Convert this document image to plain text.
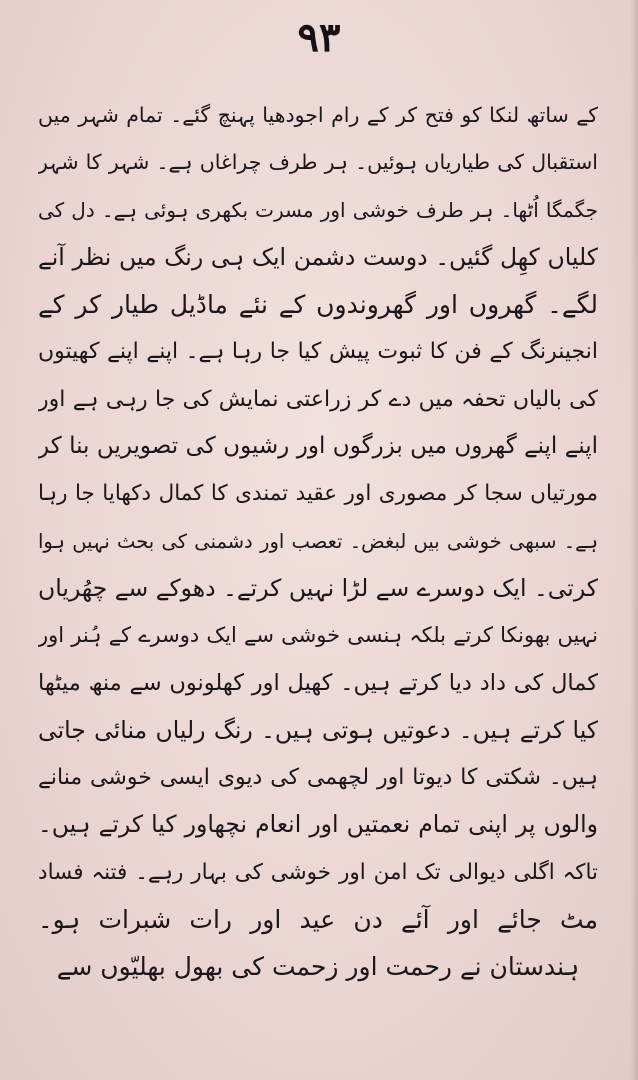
۹۳
کے ساتھ لنکا کو فتح کر کے رام اجودھیا پہنچ گئے۔ تمام شہر میں
استقبال کی طیاریاں ہوئیں۔ ہر طرف چراغاں ہے۔ شہر کا شہر
جگمگا اُٹھا۔ ہر طرف خوشی اور مسرت بکھری ہوئی ہے۔ دل کی
کلیاں کھِل گئیں۔ دوست دشمن ایک ہی رنگ میں نظر آنے
لگے۔ گھروں اور گھروندوں کے نئے ماڈیل طیار کر کے
انجینرنگ کے فن کا ثبوت پیش کیا جا رہا ہے۔ اپنے اپنے کھیتوں
کی بالیاں تحفہ میں دے کر زراعتی نمایش کی جا رہی ہے اور
اپنے اپنے گھروں میں بزرگوں اور رشیوں کی تصویریں بنا کر
مورتیاں سجا کر مصوری اور عقید تمندی کا کمال دکھایا جا رہا
ہے۔ سبھی خوشی بیں لبغض۔ تعصب اور دشمنی کی بحث نہیں ہوا
کرتی۔ ایک دوسرے سے لڑا نہیں کرتے۔ دھوکے سے چھُریاں
نہیں بھونکا کرتے بلکہ ہنسی خوشی سے ایک دوسرے کے ہُنر اور
کمال کی داد دیا کرتے ہیں۔ کھیل اور کھلونوں سے منھ میٹھا
کیا کرتے ہیں۔ دعوتیں ہوتی ہیں۔ رنگ رلیاں منائی جاتی
ہیں۔ شکتی کا دیوتا اور لچھمی کی دیوی ایسی خوشی منانے
والوں پر اپنی تمام نعمتیں اور انعام نچھاور کیا کرتے ہیں۔
تاکہ اگلی دیوالی تک امن اور خوشی کی بہار رہے۔ فتنہ فساد
مٹ جائے اور آئے دن عید اور رات شبرات ہو۔
ہندستان نے رحمت اور زحمت کی بھول بھلیّوں سے
